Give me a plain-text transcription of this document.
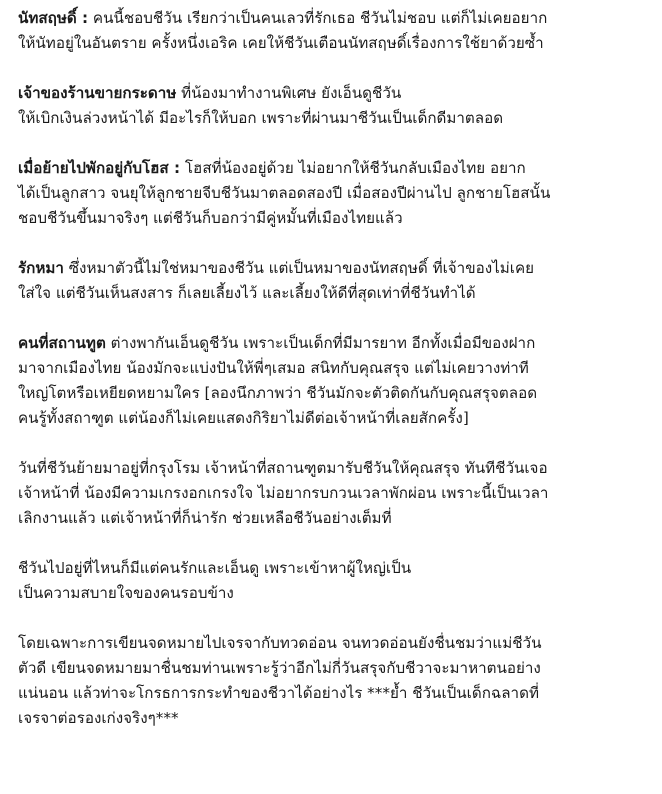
นัทสฤษดิ์ : คนนี้ชอบชีวัน เรียกว่าเป็นคนเลวที่รักเธอ ชีวันไม่ชอบ แต่ก็ไม่เคยอยาก
ให้นัทอยู่ในอันตราย ครั้งหนึ่งเอริค เคยให้ชีวันเตือนนัทสฤษดิ์เรื่องการใช้ยาด้วยซ้ำ

เจ้าของร้านขายกระดาษ ที่น้องมาทำงานพิเศษ ยังเอ็นดูชีวัน
ให้เบิกเงินล่วงหน้าได้ มีอะไรก็ให้บอก เพราะที่ผ่านมาชีวันเป็นเด็กดีมาตลอด

เมื่อย้ายไปพักอยู่กับโฮส : โฮสที่น้องอยู่ด้วย ไม่อยากให้ชีวันกลับเมืองไทย อยาก
ได้เป็นลูกสาว จนยุให้ลูกชายจีบชีวันมาตลอดสองปี เมื่อสองปีผ่านไป ลูกชายโฮสนั้น
ชอบชีวันขึ้นมาจริงๆ แต่ชีวันก็บอกว่ามีคู่หมั้นที่เมืองไทยแล้ว

รักหมา ซึ่งหมาตัวนี้ไม่ใช่หมาของชีวัน แต่เป็นหมาของนัทสฤษดิ์ ที่เจ้าของไม่เคย
ใส่ใจ แต่ชีวันเห็นสงสาร ก็เลยเลี้ยงไว้ และเลี้ยงให้ดีที่สุดเท่าที่ชีวันทำได้

คนที่สถานทูต ต่างพากันเอ็นดูชีวัน เพราะเป็นเด็กที่มีมารยาท อีกทั้งเมื่อมีของฝาก
มาจากเมืองไทย น้องมักจะแบ่งปันให้พี่ๆเสมอ สนิทกับคุณสรุจ แต่ไม่เคยวางท่าที
ใหญ่โตหรือเหยียดหยามใคร [ลองนึกภาพว่า ชีวันมักจะตัวติดกันกับคุณสรุจตลอด
คนรู้ทั้งสถาฑูต แต่น้องก็ไม่เคยแสดงกิริยาไม่ดีต่อเจ้าหน้าที่เลยสักครั้ง]

วันที่ชีวันย้ายมาอยู่ที่กรุงโรม เจ้าหน้าที่สถานฑูตมารับชีวันให้คุณสรุจ ทันทีชีวันเจอ
เจ้าหน้าที่ น้องมีความเกรงอกเกรงใจ ไม่อยากรบกวนเวลาพักผ่อน เพราะนี้เป็นเวลา
เลิกงานแล้ว แต่เจ้าหน้าที่ก็น่ารัก ช่วยเหลือชีวันอย่างเต็มที่

ชีวันไปอยู่ที่ไหนก็มีแต่คนรักและเอ็นดู เพราะเข้าหาผู้ใหญ่เป็น
เป็นความสบายใจของคนรอบข้าง

โดยเฉพาะการเขียนจดหมายไปเจรจากับทวดอ่อน จนทวดอ่อนยังชื่นชมว่าแม่ชีวัน
ตัวดี เขียนจดหมายมาชื่นชมท่านเพราะรู้ว่าอีกไม่กี่วันสรุจกับชีวาจะมาหาตนอย่าง
แน่นอน แล้วท่าจะโกรธการกระทำของชีวาได้อย่างไร ***ย้ำ ชีวันเป็นเด็กฉลาดที่
เจรจาต่อรองเก่งจริงๆ***
